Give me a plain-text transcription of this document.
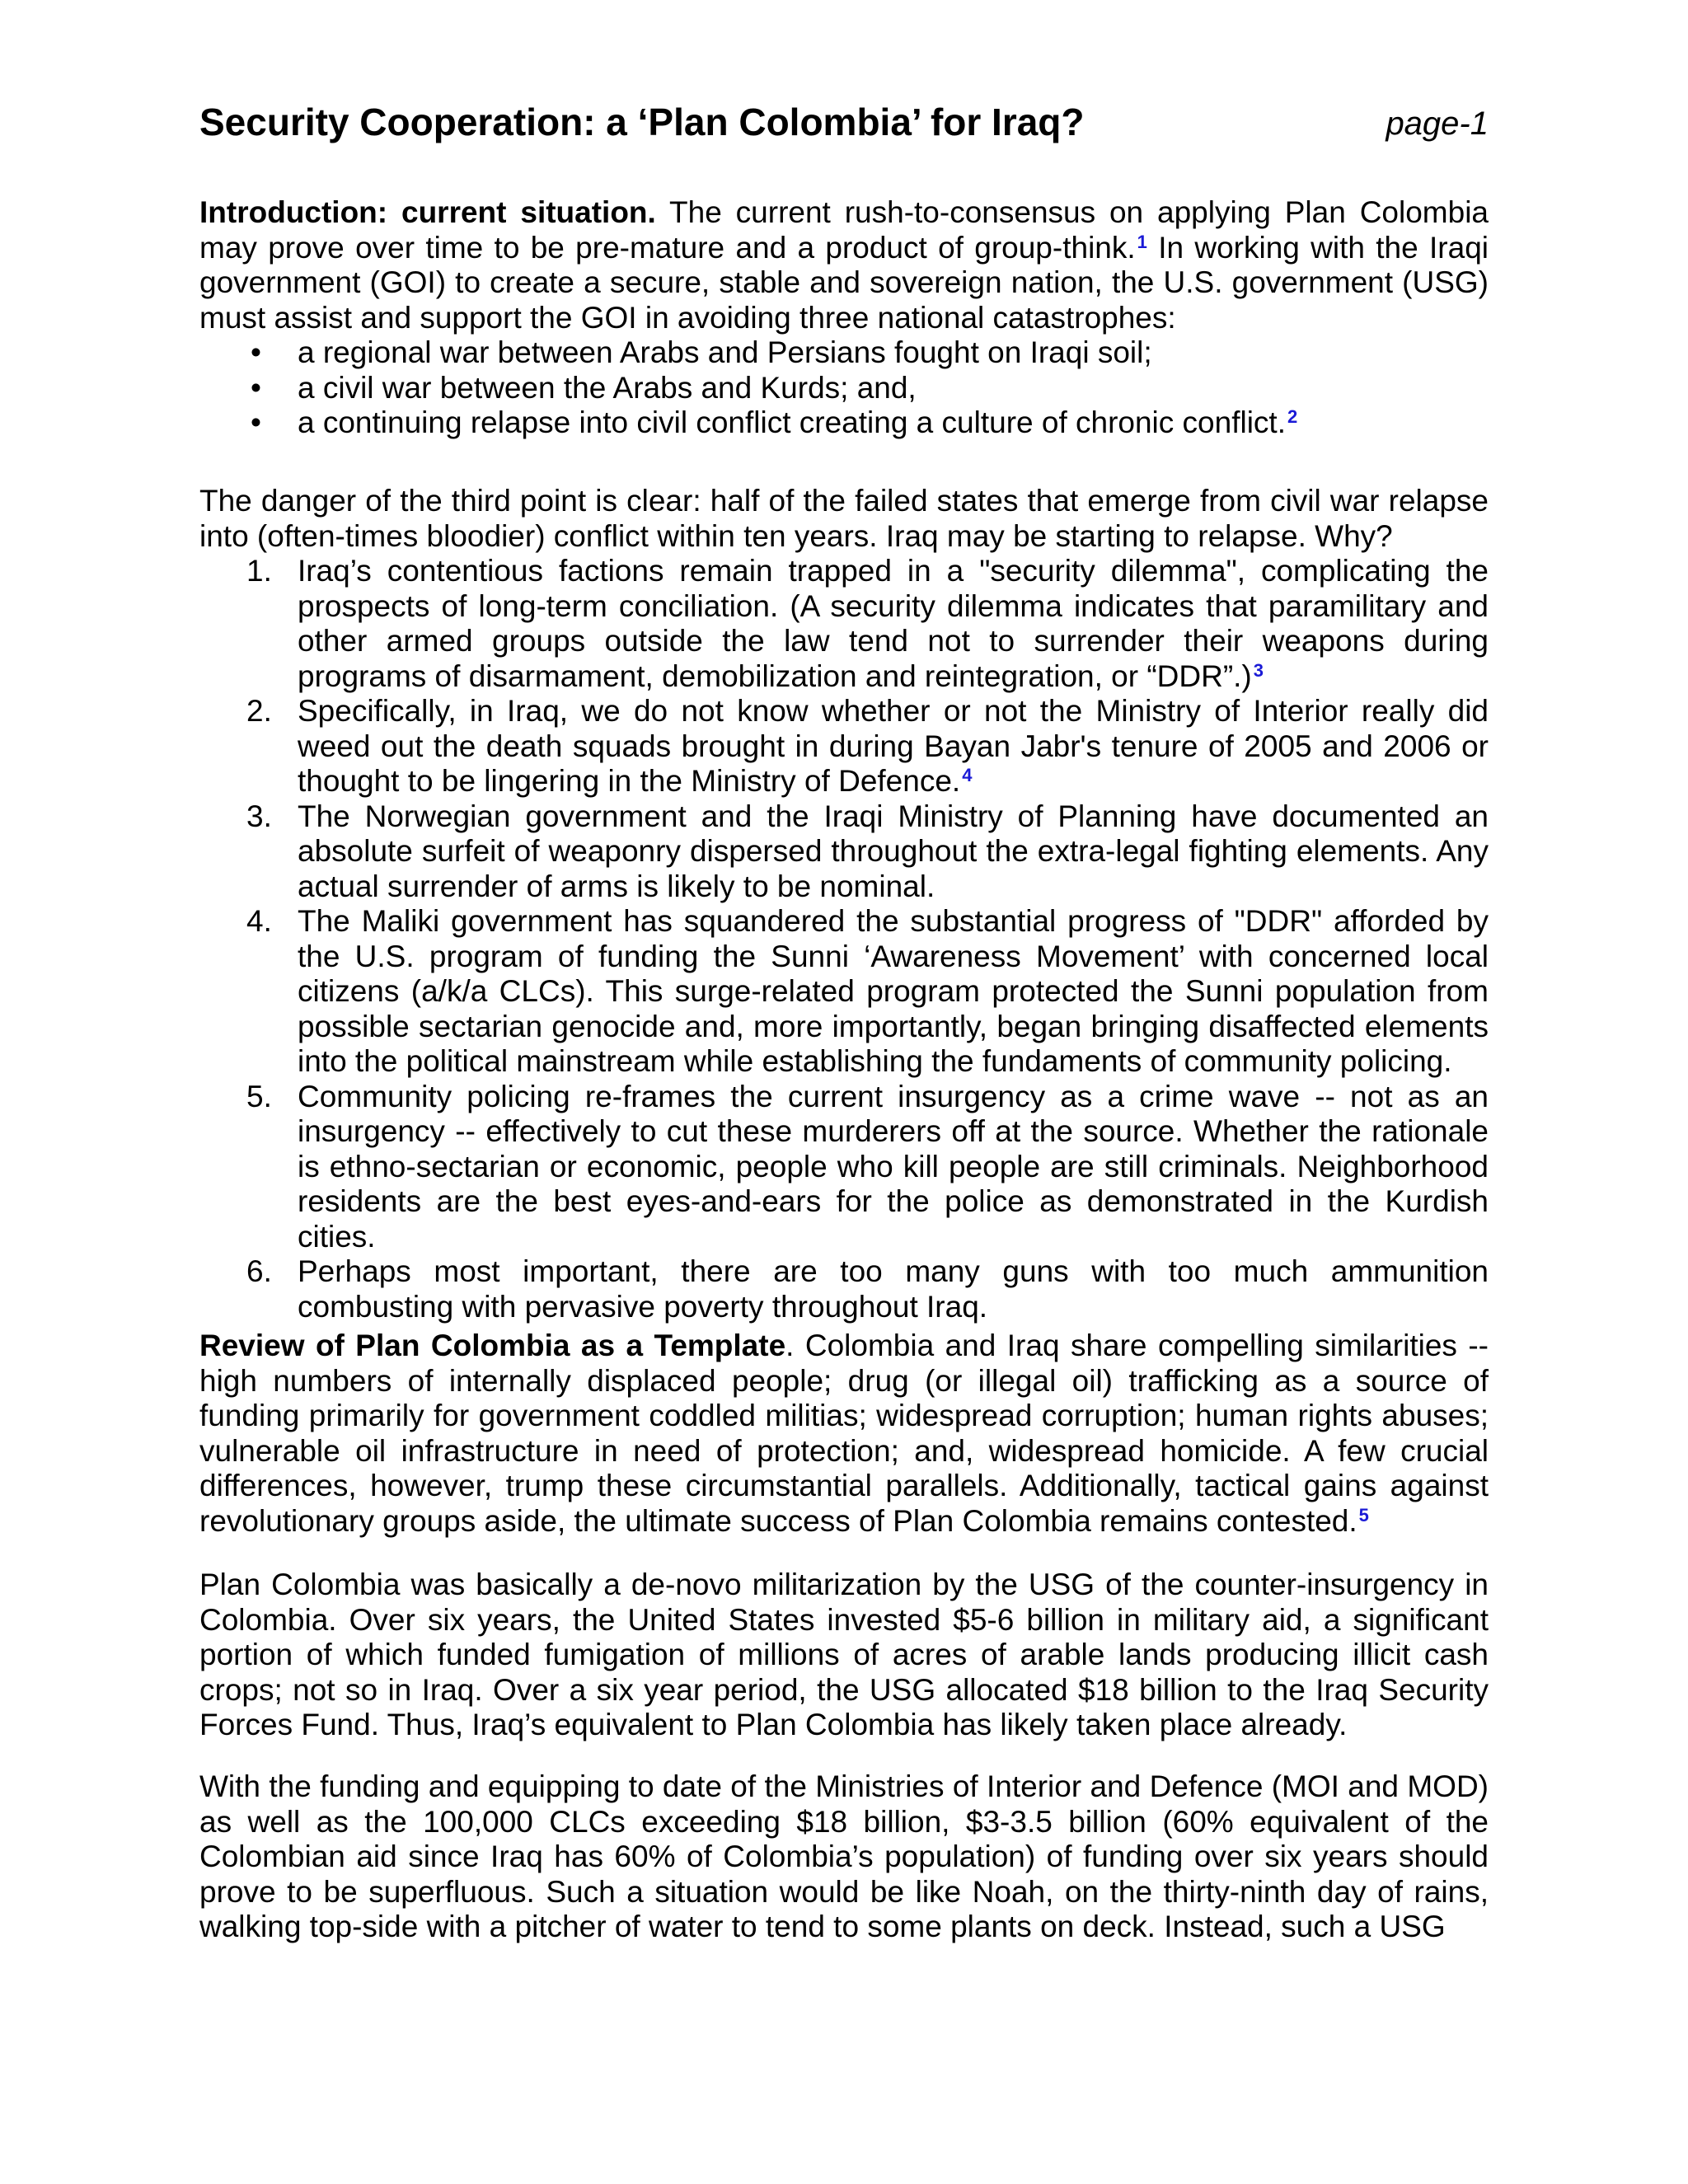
Security Cooperation: a ‘Plan Colombia’ for Iraq?	page-1

Introduction: current situation. The current rush-to-consensus on applying Plan Colombia may prove over time to be pre-mature and a product of group-think.$^1$ In working with the Iraqi government (GOI) to create a secure, stable and sovereign nation, the U.S. government (USG) must assist and support the GOI in avoiding three national catastrophes:

• a regional war between Arabs and Persians fought on Iraqi soil;
• a civil war between the Arabs and Kurds; and,
• a continuing relapse into civil conflict creating a culture of chronic conflict.$^2$

The danger of the third point is clear: half of the failed states that emerge from civil war relapse into (often-times bloodier) conflict within ten years. Iraq may be starting to relapse. Why?

1. Iraq’s contentious factions remain trapped in a "security dilemma", complicating the prospects of long-term conciliation. (A security dilemma indicates that paramilitary and other armed groups outside the law tend not to surrender their weapons during programs of disarmament, demobilization and reintegration, or “DDR”.)$^3$
2. Specifically, in Iraq, we do not know whether or not the Ministry of Interior really did weed out the death squads brought in during Bayan Jabr's tenure of 2005 and 2006 or thought to be lingering in the Ministry of Defence.$^4$
3. The Norwegian government and the Iraqi Ministry of Planning have documented an absolute surfeit of weaponry dispersed throughout the extra-legal fighting elements. Any actual surrender of arms is likely to be nominal.
4. The Maliki government has squandered the substantial progress of "DDR" afforded by the U.S. program of funding the Sunni ‘Awareness Movement’ with concerned local citizens (a/k/a CLCs). This surge-related program protected the Sunni population from possible sectarian genocide and, more importantly, began bringing disaffected elements into the political mainstream while establishing the fundaments of community policing.
5. Community policing re-frames the current insurgency as a crime wave -- not as an insurgency -- effectively to cut these murderers off at the source. Whether the rationale is ethno-sectarian or economic, people who kill people are still criminals. Neighborhood residents are the best eyes-and-ears for the police as demonstrated in the Kurdish cities.
6. Perhaps most important, there are too many guns with too much ammunition combusting with pervasive poverty throughout Iraq.

Review of Plan Colombia as a Template. Colombia and Iraq share compelling similarities -- high numbers of internally displaced people; drug (or illegal oil) trafficking as a source of funding primarily for government coddled militias; widespread corruption; human rights abuses; vulnerable oil infrastructure in need of protection; and, widespread homicide. A few crucial differences, however, trump these circumstantial parallels. Additionally, tactical gains against revolutionary groups aside, the ultimate success of Plan Colombia remains contested.$^5$

Plan Colombia was basically a de-novo militarization by the USG of the counter-insurgency in Colombia. Over six years, the United States invested $5-6 billion in military aid, a significant portion of which funded fumigation of millions of acres of arable lands producing illicit cash crops; not so in Iraq. Over a six year period, the USG allocated $18 billion to the Iraq Security Forces Fund. Thus, Iraq’s equivalent to Plan Colombia has likely taken place already.

With the funding and equipping to date of the Ministries of Interior and Defence (MOI and MOD) as well as the 100,000 CLCs exceeding $18 billion, $3-3.5 billion (60% equivalent of the Colombian aid since Iraq has 60% of Colombia’s population) of funding over six years should prove to be superfluous. Such a situation would be like Noah, on the thirty-ninth day of rains, walking top-side with a pitcher of water to tend to some plants on deck. Instead, such a USG
